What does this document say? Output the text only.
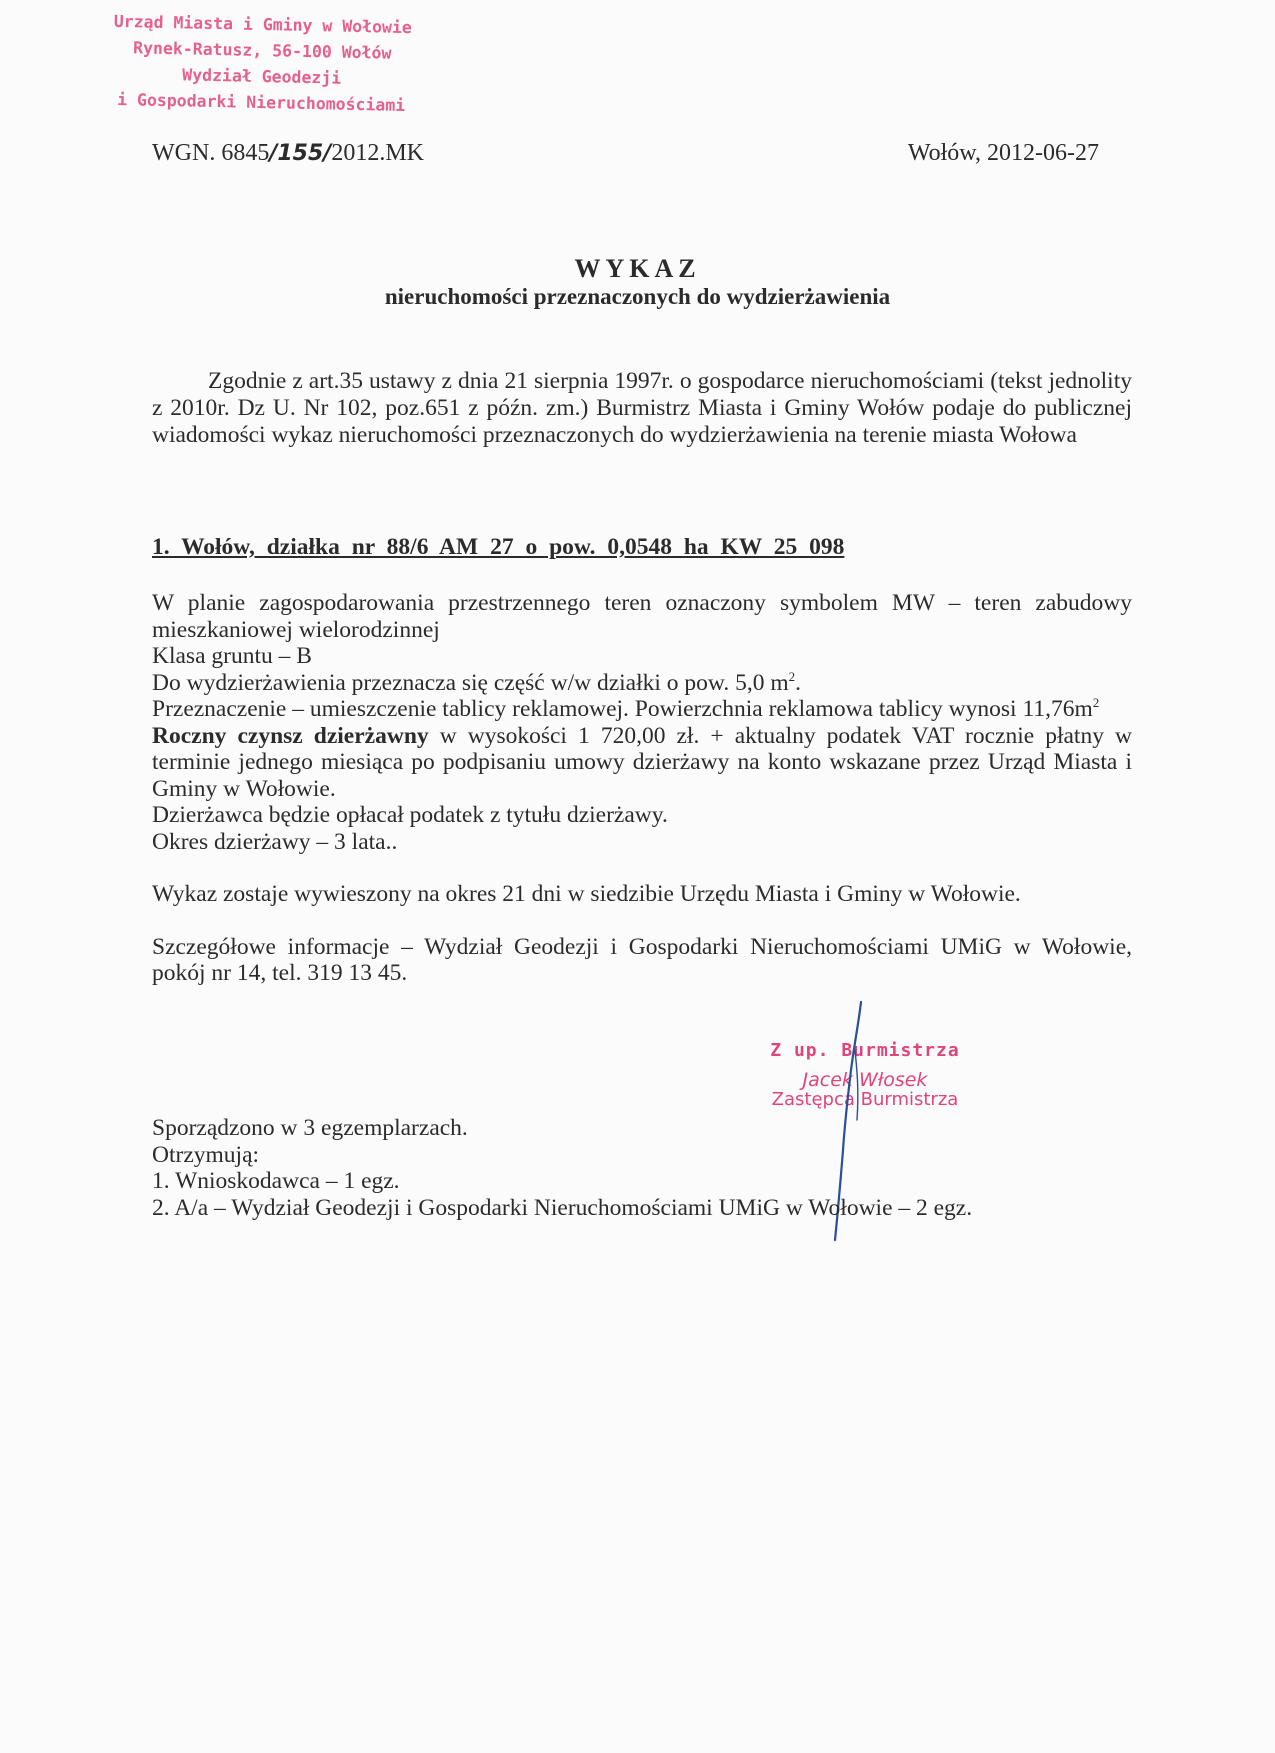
Urząd Miasta i Gminy w Wołowie
Rynek-Ratusz, 56-100 Wołów
Wydział Geodezji
i Gospodarki Nieruchomościami
WGN. 6845/155/2012.MK	Wołów, 2012-06-27
WYKAZ
nieruchomości przeznaczonych do wydzierżawienia
Zgodnie z art.35 ustawy z dnia 21 sierpnia 1997r. o gospodarce nieruchomościami (tekst jednolity z 2010r. Dz U. Nr 102, poz.651 z późn. zm.) Burmistrz Miasta i Gminy Wołów podaje do publicznej wiadomości wykaz nieruchomości przeznaczonych do wydzierżawienia na terenie miasta Wołowa
1. Wołów, działka nr 88/6 AM 27 o pow. 0,0548 ha KW 25 098

W planie zagospodarowania przestrzennego teren oznaczony symbolem MW – teren zabudowy mieszkaniowej wielorodzinnej

Klasa gruntu – B

Do wydzierżawienia przeznacza się część w/w działki o pow. 5,0 $m^2$.

Przeznaczenie – umieszczenie tablicy reklamowej. Powierzchnia reklamowa tablicy wynosi $11,76m^2$

Roczny czynsz dzierżawny w wysokości 1 720,00 zł. + aktualny podatek VAT rocznie płatny w terminie jednego miesiąca po podpisaniu umowy dzierżawy na konto wskazane przez Urząd Miasta i Gminy w Wołowie.

Dzierżawca będzie opłacał podatek z tytułu dzierżawy.

Okres dzierżawy – 3 lata..

Wykaz zostaje wywieszony na okres 21 dni w siedzibie Urzędu Miasta i Gminy w Wołowie.

Szczegółowe informacje – Wydział Geodezji i Gospodarki Nieruchomościami UMiG w Wołowie, pokój nr 14, tel. 319 13 45.

Z up. Burmistrza
Jacek Włosek
Zastępca Burmistrza

Sporządzono w 3 egzemplarzach.

Otrzymują:

1. Wnioskodawca – 1 egz.

2. A/a – Wydział Geodezji i Gospodarki Nieruchomościami UMiG w Wołowie – 2 egz.
